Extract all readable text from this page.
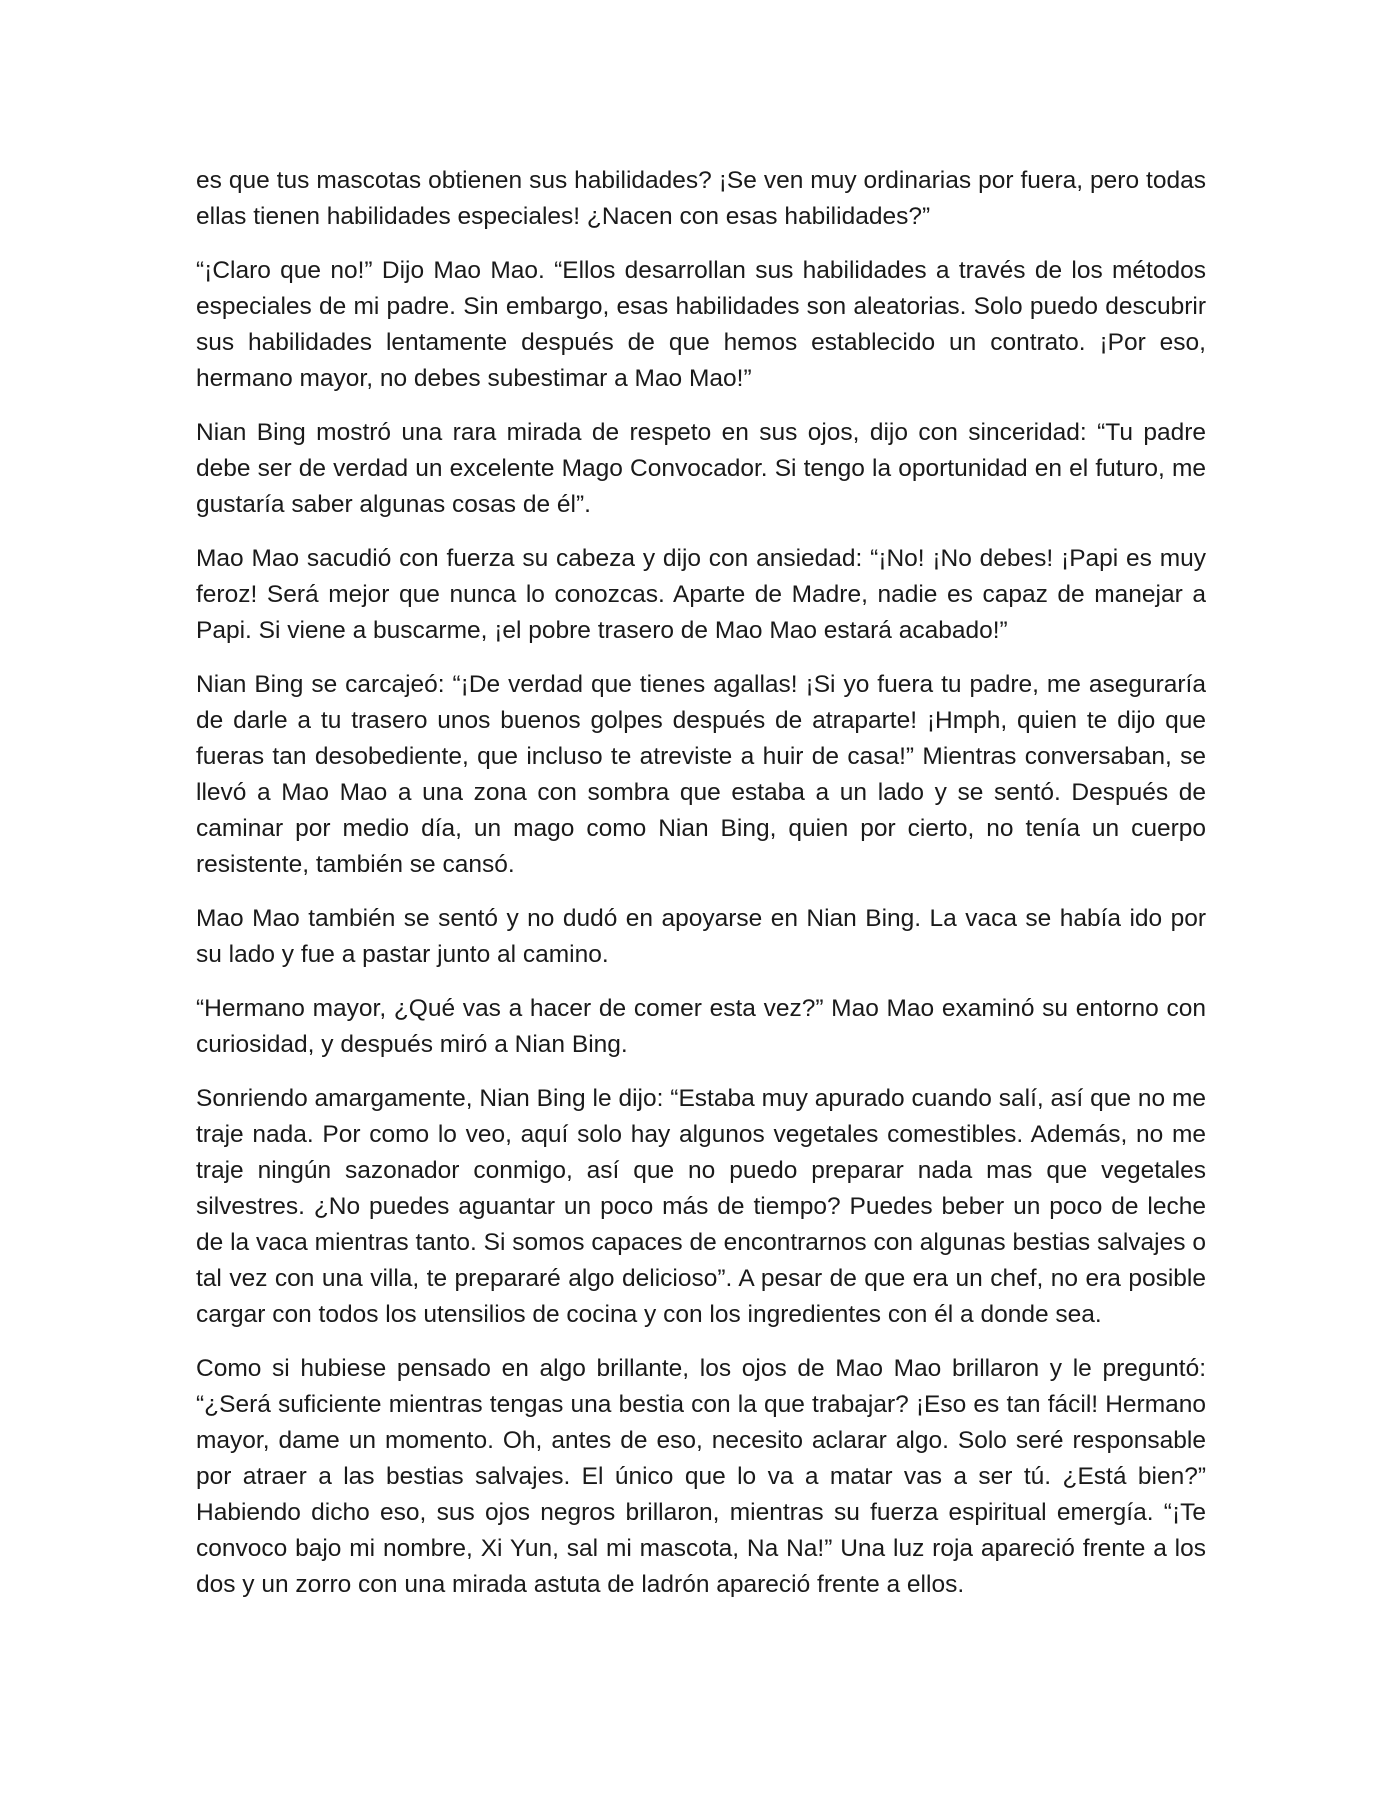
es que tus mascotas obtienen sus habilidades? ¡Se ven muy ordinarias por fuera, pero todas ellas tienen habilidades especiales! ¿Nacen con esas habilidades?”

“¡Claro que no!” Dijo Mao Mao. “Ellos desarrollan sus habilidades a través de los métodos especiales de mi padre. Sin embargo, esas habilidades son aleatorias. Solo puedo descubrir sus habilidades lentamente después de que hemos establecido un contrato. ¡Por eso, hermano mayor, no debes subestimar a Mao Mao!”

Nian Bing mostró una rara mirada de respeto en sus ojos, dijo con sinceridad: “Tu padre debe ser de verdad un excelente Mago Convocador. Si tengo la oportunidad en el futuro, me gustaría saber algunas cosas de él”.

Mao Mao sacudió con fuerza su cabeza y dijo con ansiedad: “¡No! ¡No debes! ¡Papi es muy feroz! Será mejor que nunca lo conozcas. Aparte de Madre, nadie es capaz de manejar a Papi. Si viene a buscarme, ¡el pobre trasero de Mao Mao estará acabado!”

Nian Bing se carcajeó: “¡De verdad que tienes agallas! ¡Si yo fuera tu padre, me aseguraría de darle a tu trasero unos buenos golpes después de atraparte! ¡Hmph, quien te dijo que fueras tan desobediente, que incluso te atreviste a huir de casa!” Mientras conversaban, se llevó a Mao Mao a una zona con sombra que estaba a un lado y se sentó. Después de caminar por medio día, un mago como Nian Bing, quien por cierto, no tenía un cuerpo resistente, también se cansó.

Mao Mao también se sentó y no dudó en apoyarse en Nian Bing. La vaca se había ido por su lado y fue a pastar junto al camino.

“Hermano mayor, ¿Qué vas a hacer de comer esta vez?” Mao Mao examinó su entorno con curiosidad, y después miró a Nian Bing.

Sonriendo amargamente, Nian Bing le dijo: “Estaba muy apurado cuando salí, así que no me traje nada. Por como lo veo, aquí solo hay algunos vegetales comestibles. Además, no me traje ningún sazonador conmigo, así que no puedo preparar nada mas que vegetales silvestres. ¿No puedes aguantar un poco más de tiempo? Puedes beber un poco de leche de la vaca mientras tanto. Si somos capaces de encontrarnos con algunas bestias salvajes o tal vez con una villa, te prepararé algo delicioso”. A pesar de que era un chef, no era posible cargar con todos los utensilios de cocina y con los ingredientes con él a donde sea.

Como si hubiese pensado en algo brillante, los ojos de Mao Mao brillaron y le preguntó: “¿Será suficiente mientras tengas una bestia con la que trabajar? ¡Eso es tan fácil! Hermano mayor, dame un momento. Oh, antes de eso, necesito aclarar algo. Solo seré responsable por atraer a las bestias salvajes. El único que lo va a matar vas a ser tú. ¿Está bien?” Habiendo dicho eso, sus ojos negros brillaron, mientras su fuerza espiritual emergía. “¡Te convoco bajo mi nombre, Xi Yun, sal mi mascota, Na Na!” Una luz roja apareció frente a los dos y un zorro con una mirada astuta de ladrón apareció frente a ellos.
